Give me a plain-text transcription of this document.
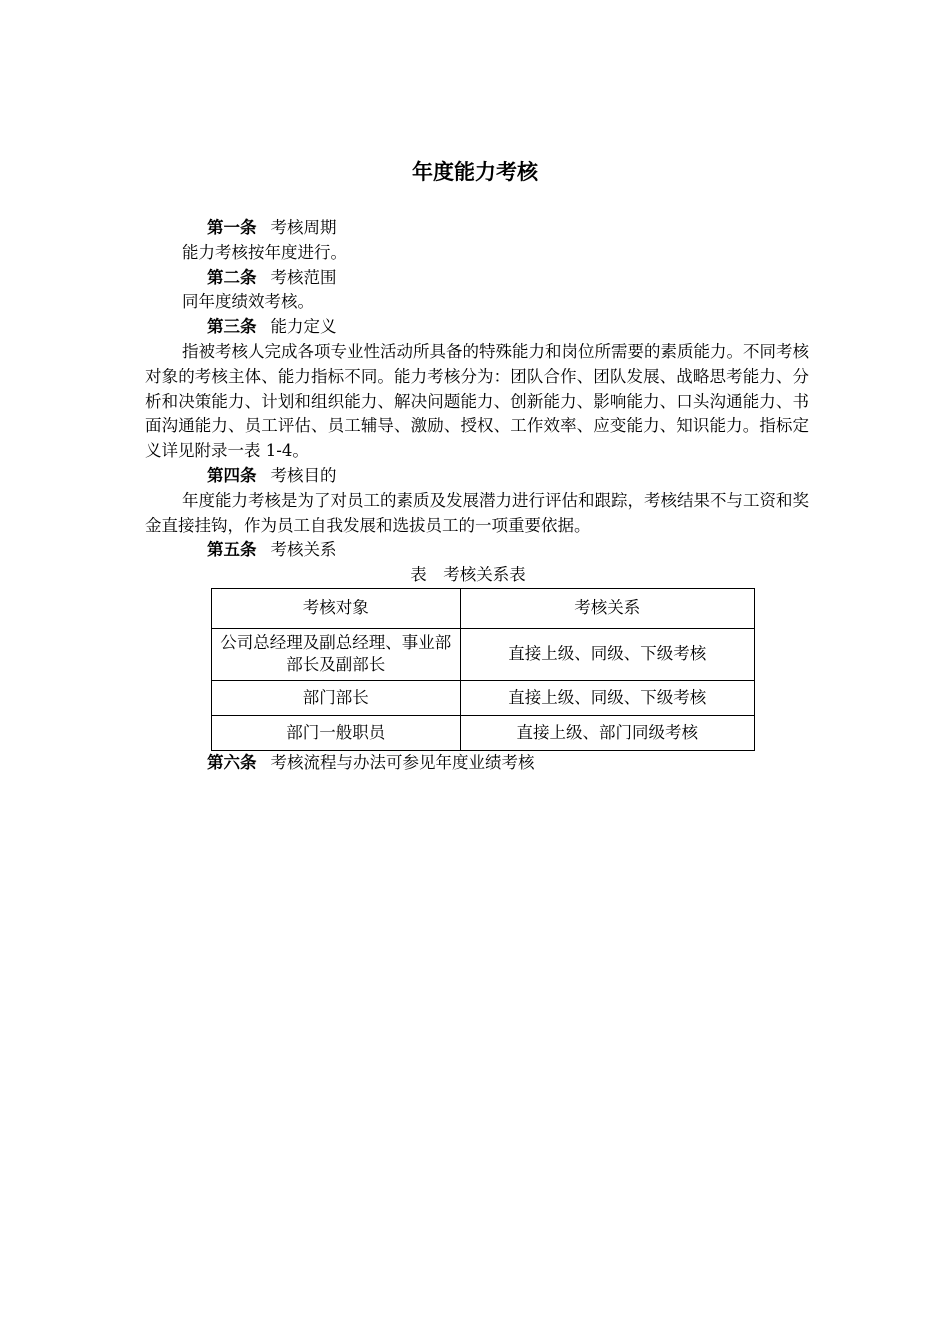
年度能力考核
第一条 考核周期
能力考核按年度进行。
第二条 考核范围
同年度绩效考核。
第三条 能力定义
指被考核人完成各项专业性活动所具备的特殊能力和岗位所需要的素质能力。不同考核对象的考核主体、能力指标不同。能力考核分为：团队合作、团队发展、战略思考能力、分析和决策能力、计划和组织能力、解决问题能力、创新能力、影响能力、口头沟通能力、书面沟通能力、员工评估、员工辅导、激励、授权、工作效率、应变能力、知识能力。指标定义详见附录一表 1-4。
第四条 考核目的
年度能力考核是为了对员工的素质及发展潜力进行评估和跟踪，考核结果不与工资和奖金直接挂钩，作为员工自我发展和选拔员工的一项重要依据。
第五条 考核关系
表　考核关系表
考核对象	考核关系
公司总经理及副总经理、事业部部长及副部长	直接上级、同级、下级考核
部门部长	直接上级、同级、下级考核
部门一般职员	直接上级、部门同级考核
第六条 考核流程与办法可参见年度业绩考核
